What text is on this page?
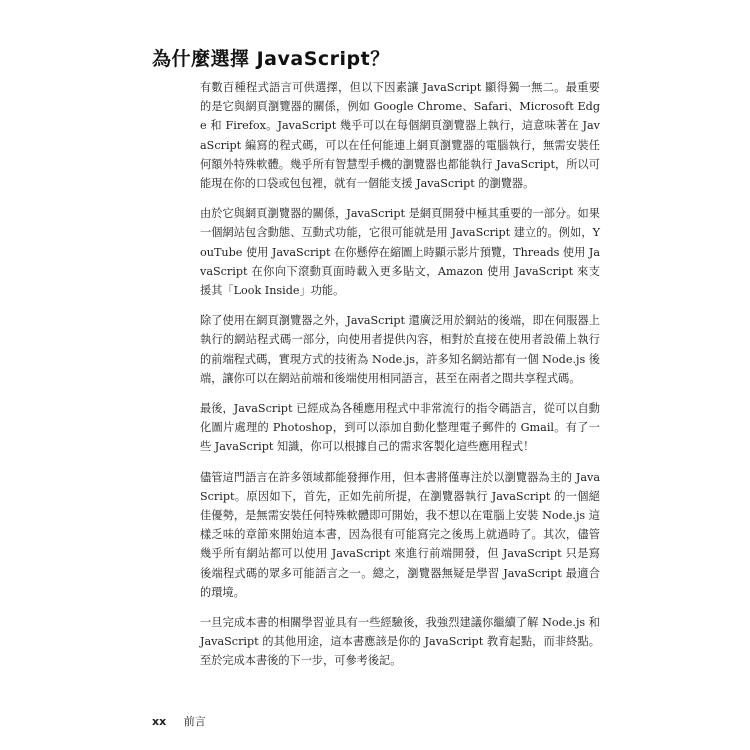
為什麼選擇 JavaScript？

有數百種程式語言可供選擇，但以下因素讓 JavaScript 顯得獨一無二。最重要的是它與網頁瀏覽器的關係，例如 Google Chrome、Safari、Microsoft Edge 和 Firefox。JavaScript 幾乎可以在每個網頁瀏覽器上執行，這意味著在 JavaScript 編寫的程式碼，可以在任何能連上網頁瀏覽器的電腦執行，無需安裝任何額外特殊軟體。幾乎所有智慧型手機的瀏覽器也都能執行 JavaScript，所以可能現在你的口袋或包包裡，就有一個能支援 JavaScript 的瀏覽器。

由於它與網頁瀏覽器的關係，JavaScript 是網頁開發中極其重要的一部分。如果一個網站包含動態、互動式功能，它很可能就是用 JavaScript 建立的。例如，YouTube 使用 JavaScript 在你懸停在縮圖上時顯示影片預覽，Threads 使用 JavaScript 在你向下滾動頁面時載入更多貼文，Amazon 使用 JavaScript 來支援其「Look Inside」功能。

除了使用在網頁瀏覽器之外，JavaScript 還廣泛用於網站的後端，即在伺服器上執行的網站程式碼一部分，向使用者提供內容，相對於直接在使用者設備上執行的前端程式碼，實現方式的技術為 Node.js，許多知名網站都有一個 Node.js 後端，讓你可以在網站前端和後端使用相同語言，甚至在兩者之間共享程式碼。

最後，JavaScript 已經成為各種應用程式中非常流行的指令碼語言，從可以自動化圖片處理的 Photoshop，到可以添加自動化整理電子郵件的 Gmail。有了一些 JavaScript 知識，你可以根據自己的需求客製化這些應用程式！

儘管這門語言在許多領域都能發揮作用，但本書將僅專注於以瀏覽器為主的 JavaScript。原因如下，首先，正如先前所提，在瀏覽器執行 JavaScript 的一個絕佳優勢，是無需安裝任何特殊軟體即可開始，我不想以在電腦上安裝 Node.js 這樣乏味的章節來開始這本書，因為很有可能寫完之後馬上就過時了。其次，儘管幾乎所有網站都可以使用 JavaScript 來進行前端開發，但 JavaScript 只是寫後端程式碼的眾多可能語言之一。總之，瀏覽器無疑是學習 JavaScript 最適合的環境。

一旦完成本書的相關學習並具有一些經驗後，我強烈建議你繼續了解 Node.js 和 JavaScript 的其他用途，這本書應該是你的 JavaScript 教育起點，而非終點。至於完成本書後的下一步，可參考後記。

xx 前言
